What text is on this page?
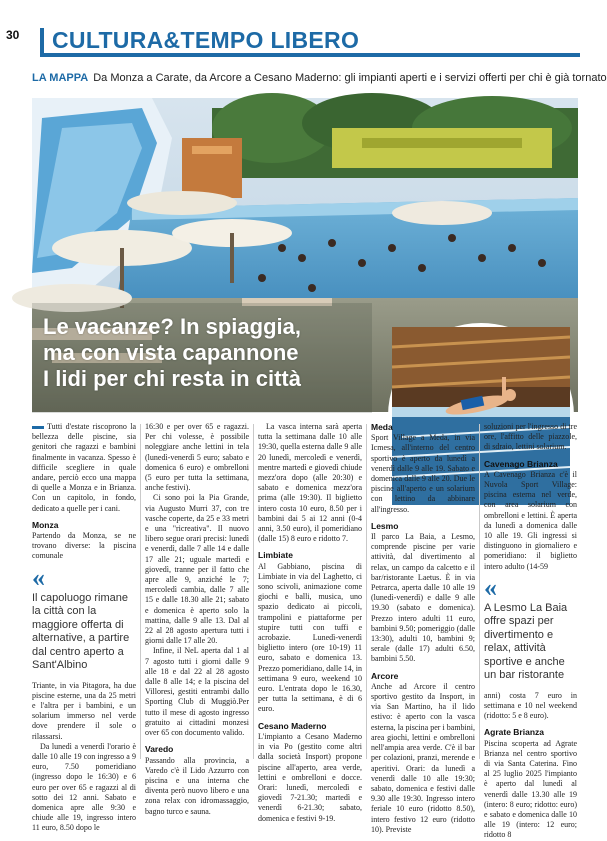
30 CULTURA&TEMPO LIBERO
LA MAPPA Da Monza a Carate, da Arcore a Cesano Maderno: gli impianti aperti e i servizi offerti per chi è già tornato
Le vacanze? In spiaggia,
ma con vista capannone
I lidi per chi resta in città

Tutti d'estate riscoprono la bellezza delle piscine, sia genitori che ragazzi e bambini finalmente in vacanza. Spesso è difficile scegliere in quale andare, perciò ecco una mappa di quelle a Monza e in Brianza. Con un capitolo, in fondo, dedicato a quelle per i cani.

Monza

Partendo da Monza, se ne trovano diverse: la piscina comunale

«
Il capoluogo rimane la città con la maggiore offerta di alternative, a partire dal centro aperto a Sant'Albino

Triante, in via Pitagora, ha due piscine esterne, una da 25 metri e l'altra per i bambini, e un solarium immerso nel verde dove prendere il sole o rilassarsi.

Da lunedì a venerdì l'orario è dalle 10 alle 19 con ingresso a 9 euro, 7.50 pomeridiano (ingresso dopo le 16:30) e 6 euro per over 65 e ragazzi al di sotto dei 12 anni. Sabato e domenica apre alle 9:30 e chiude alle 19, ingresso intero 11 euro, 8.50 dopo le

16:30 e per over 65 e ragazzi. Per chi volesse, è possibile noleggiare anche lettini in tela (lunedì-venerdì 5 euro; sabato e domenica 6 euro) e ombrelloni (5 euro per tutta la settimana, anche festivi).

Ci sono poi la Pia Grande, via Augusto Murri 37, con tre vasche coperte, da 25 e 33 metri e una "ricreativa". Il nuovo libero segue orari precisi: lunedì e venerdì, dalle 7 alle 14 e dalle 17 alle 21; uguale martedì e giovedì, tranne per il fatto che apre alle 9, anziché le 7; mercoledì cambia, dalle 7 alle 15 e dalle 18.30 alle 21; sabato e domenica è aperto solo la mattina, dalle 9 alle 13. Dal al 22 al 28 agosto apertura tutti i giorni dalle 17 alle 20.

Infine, il NeL aperta dal 1 al 7 agosto tutti i giorni dalle 9 alle 18 e dal 22 al 28 agosto dalle 8 alle 14; e la piscina del Villoresi, gestiti entrambi dallo Sporting Club di Muggiò.Per tutto il mese di agosto ingresso gratuito ai cittadini monzesi over 65 con documento valido.

Varedo

Passando alla provincia, a Varedo c'è il Lido Azzurro con piscina e una interna che diventa però nuovo libero e una zona relax con idromassaggio, bagno turco e sauna.

La vasca interna sarà aperta tutta la settimana dalle 10 alle 19:30, quella esterna dalle 9 alle 20 lunedì, mercoledì e venerdì, mentre martedì e giovedì chiude mezz'ora dopo (alle 20:30) e sabato e domenica mezz'ora prima (alle 19:30). Il biglietto intero costa 10 euro, 8.50 per i bambini dai 5 ai 12 anni (0-4 anni, 3.50 euro), il pomeridiano (dalle 15) 8 euro e ridotto 7.

Limbiate

Al Gabbiano, piscina di Limbiate in via del Laghetto, ci sono scivoli, animazione come giochi e balli, musica, uno spazio dedicato ai piccoli, trampolini e piattaforme per stupire tutti con tuffi e acrobazie. Lunedì-venerdì biglietto intero (ore 10-19) 11 euro, sabato e domenica 13. Prezzo pomeridiano, dalle 14, in settimana 9 euro, weekend 10 euro. L'entrata dopo le 16.30, per tutta la settimana, è di 6 euro.

Cesano Maderno

L'impianto a Cesano Maderno in via Po (gestito come altri dalla società Insport) propone piscine all'aperto, area verde, lettini e ombrelloni e docce. Orari: lunedì, mercoledì e giovedì 7-21.30; martedì e venerdì 6-21.30; sabato, domenica e festivi 9-19.

Meda

Sport Village a Meda, in via Icmesa, all'interno del centro sportivo è aperto da lunedì a venerdì dalle 9 alle 19. Sabato e domenica dalle 9 alle 20. Due le piscine all'aperto e un solarium con lettino da abbinare all'ingresso.

Lesmo

Il parco La Baia, a Lesmo, comprende piscine per varie attività, dal divertimento al relax, un campo da calcetto e il bar/ristorante Laetus. È in via Petrarca, aperta dalle 10 alle 19 (lunedì-venerdì) e dalle 9 alle 19.30 (sabato e domenica). Prezzo intero adulti 11 euro, bambini 9.50; pomeriggio (dalle 13:30), adulti 10, bambini 9; serale (dalle 17) adulti 6.50, bambini 5.50.

Arcore

Anche ad Arcore il centro sportivo gestito da Insport, in via San Martino, ha il lido estivo: è aperto con la vasca esterna, la piscina per i bambini, area giochi, lettini e ombrelloni nell'ampia area verde. C'è il bar per colazioni, pranzi, merende e aperitivi. Orari: da lunedì a venerdì dalle 10 alle 19:30; sabato, domenica e festivi dalle 9.30 alle 19:30. Ingresso intero feriale 10 euro (ridotto 8.50), intero festivo 12 euro (ridotto 10). Previste

soluzioni per l'ingresso di tre ore, l'affitto delle piazzole, di sdraio, lettini solarium.

Cavenago Brianza

A Cavenago Brianza c'è il Nuvola Sport Village: piscina esterna nel verde, con area solarium con ombrelloni e lettini. È aperta da lunedì a domenica dalle 10 alle 19. Gli ingressi si distinguono in giornaliero e pomeridiano: il biglietto intero adulto (14-59

«
A Lesmo La Baia offre spazi per divertimento e relax, attività sportive e anche un bar ristorante

anni) costa 7 euro in settimana e 10 nel weekend (ridotto: 5 e 8 euro).

Agrate Brianza

Piscina scoperta ad Agrate Brianza nel centro sportivo di via Santa Caterina. Fino al 25 luglio 2025 l'impianto è aperto dal lunedì al venerdì dalle 13.30 alle 19 (intero: 8 euro; ridotto: euro) e sabato e domenica dalle 10 alle 19 (intero: 12 euro; ridotto 8
